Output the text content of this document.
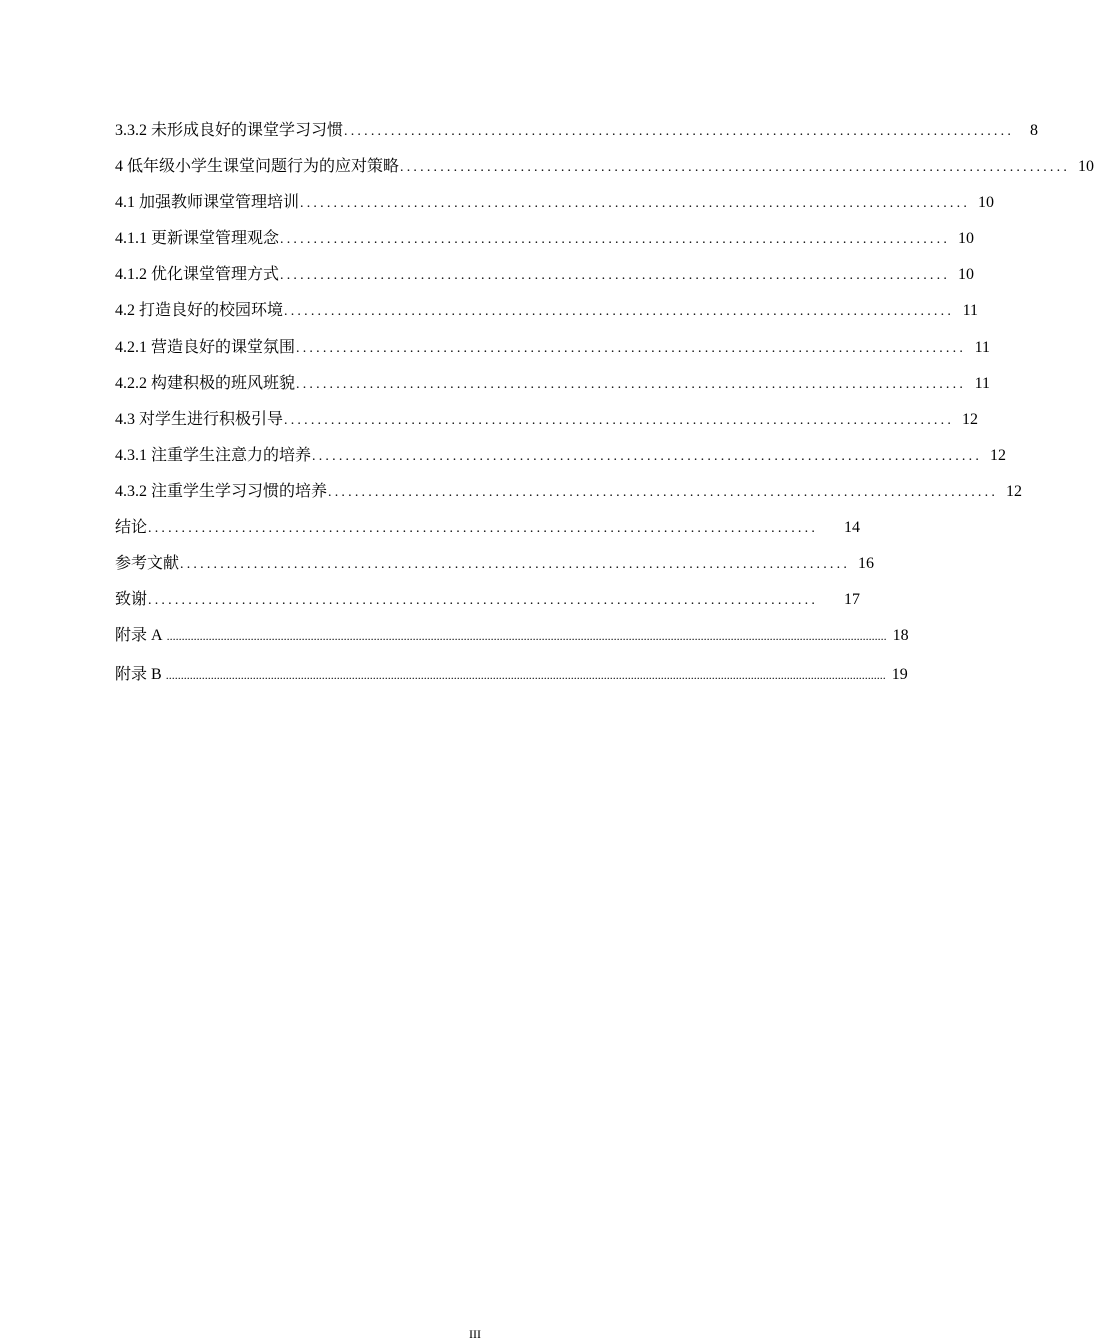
3.3.2 未形成良好的课堂学习习惯 ....................................................................................................	8
4 低年级小学生课堂问题行为的应对策略 .................................................................................................... 10
4.1 加强教师课堂管理培训 .................................................................................................... 10
4.1.1 更新课堂管理观念 .................................................................................................... 10
4.1.2 优化课堂管理方式 .................................................................................................... 10
4.2 打造良好的校园环境 .................................................................................................... 11
4.2.1 营造良好的课堂氛围 .................................................................................................... 11
4.2.2 构建积极的班风班貌 .................................................................................................... 11
4.3 对学生进行积极引导 .................................................................................................... 12
4.3.1 注重学生注意力的培养 .................................................................................................... 12
4.3.2 注重学生学习习惯的培养 .................................................................................................... 12
结论 ....................................................................................................	14
参考文献 .................................................................................................... 16
致谢 ....................................................................................................	17
附录 A ................................................................................................................................................................................................................................................ 18
附录 B ................................................................................................................................................................................................................................................ 19
III
